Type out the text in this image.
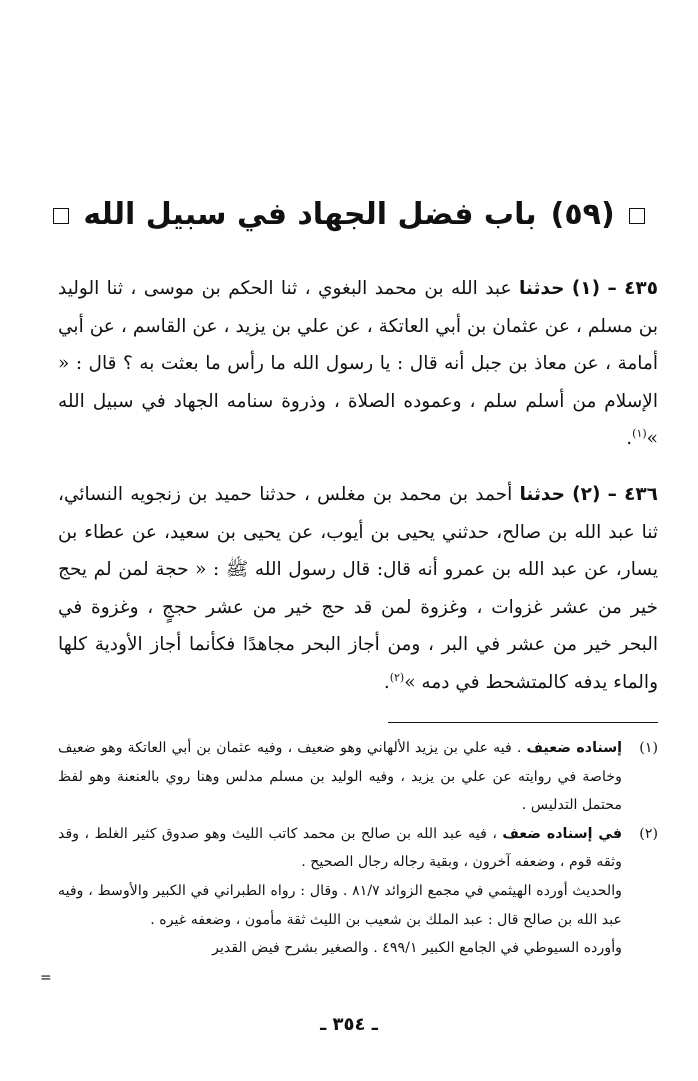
(٥٩)
باب فضل الجهاد في سبيل الله
٤٣٥ – (١) حدثنا عبد الله بن محمد البغوي ، ثنا الحكم بن موسى ، ثنا الوليد بن مسلم ، عن عثمان بن أبي العاتكة ، عن علي بن يزيد ، عن القاسم ، عن أبي أمامة ، عن معاذ بن جبل أنه قال : يا رسول الله ما رأس ما بعثت به ؟ قال : « الإسلام من أسلم سلم ، وعموده الصلاة ، وذروة سنامه الجهاد في سبيل الله »$^{(١)}$.
٤٣٦ – (٢) حدثنا أحمد بن محمد بن مغلس ، حدثنا حميد بن زنجويه النسائي، ثنا عبد الله بن صالح، حدثني يحيى بن أيوب، عن يحيى بن سعيد، عن عطاء بن يسار، عن عبد الله بن عمرو أنه قال: قال رسول الله ﷺ : « حجة لمن لم يحج خير من عشر غزوات ، وغزوة لمن قد حج خير من عشر حججٍ ، وغزوة في البحر خير من عشر في البر ، ومن أجاز البحر مجاهدًا فكأنما أجاز الأودية كلها والماء يدفه كالمتشحط في دمه »$^{(٢)}$.
(١)
إسناده ضعيف . فيه علي بن يزيد الألهاني وهو ضعيف ، وفيه عثمان بن أبي العاتكة وهو ضعيف وخاصة في روايته عن علي بن يزيد ، وفيه الوليد بن مسلم مدلس وهنا روي بالعنعنة وهو لفظ محتمل التدليس .
(٢)
في إسناده ضعف ، فيه عبد الله بن صالح بن محمد كاتب الليث وهو صدوق كثير الغلط ، وقد وثقه قوم ، وضعفه آخرون ، وبقية رجاله رجال الصحيح .

والحديث أورده الهيثمي في مجمع الزوائد ٨١/٧ . وقال : رواه الطبراني في الكبير والأوسط ، وفيه عبد الله بن صالح قال : عبد الملك بن شعيب بن الليث ثقة مأمون ، وضعفه غيره .

وأورده السيوطي في الجامع الكبير ٤٩٩/١ . والصغير بشرح فيض القدير

=
ـ ٣٥٤ ـ
